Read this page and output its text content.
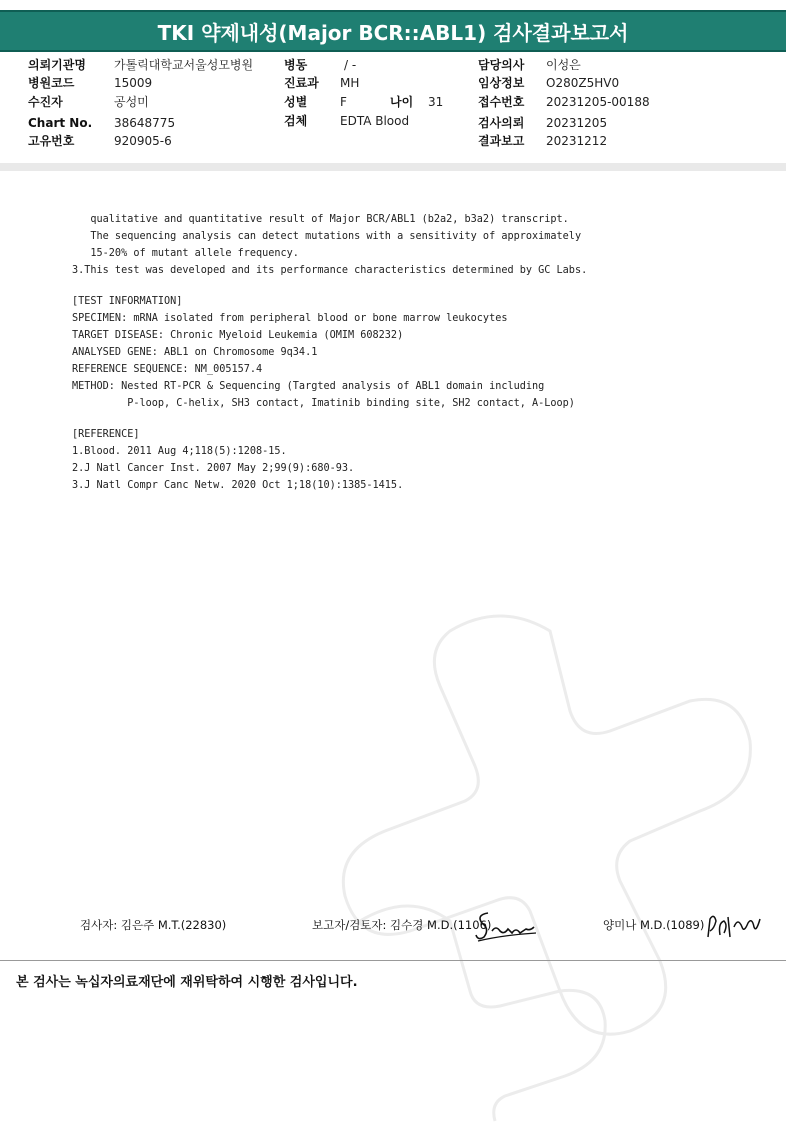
TKI 약제내성(Major BCR::ABL1) 검사결과보고서
의뢰기관명 가톨릭대학교서울성모병원
병원코드	15009
수진자	공성미
Chart No. 38648775
고유번호	920905-6
병동	/ -
진료과 MH
성별	F	나이 31
검체	EDTA Blood
담당의사 이성은
임상정보 O280Z5HV0
접수번호 20231205-00188
검사의뢰 20231205
결과보고 20231212
qualitative and quantitative result of Major BCR/ABL1 (b2a2, b3a2) transcript.
The sequencing analysis can detect mutations with a sensitivity of approximately
15-20% of mutant allele frequency.
3.This test was developed and its performance characteristics determined by GC Labs.
[TEST INFORMATION]
SPECIMEN: mRNA isolated from peripheral blood or bone marrow leukocytes
TARGET DISEASE: Chronic Myeloid Leukemia (OMIM 608232)
ANALYSED GENE: ABL1 on Chromosome 9q34.1
REFERENCE SEQUENCE: NM_005157.4
METHOD: Nested RT-PCR & Sequencing (Targted analysis of ABL1 domain including
P-loop, C-helix, SH3 contact, Imatinib binding site, SH2 contact, A-Loop)
[REFERENCE]
1.Blood. 2011 Aug 4;118(5):1208-15.
2.J Natl Cancer Inst. 2007 May 2;99(9):680-93.
3.J Natl Compr Canc Netw. 2020 Oct 1;18(10):1385-1415.
검사자: 김은주 M.T.(22830)	보고자/검토자: 김수경 M.D.(1106)	양미나 M.D.(1089)
본 검사는 녹십자의료재단에 재위탁하여 시행한 검사입니다.
